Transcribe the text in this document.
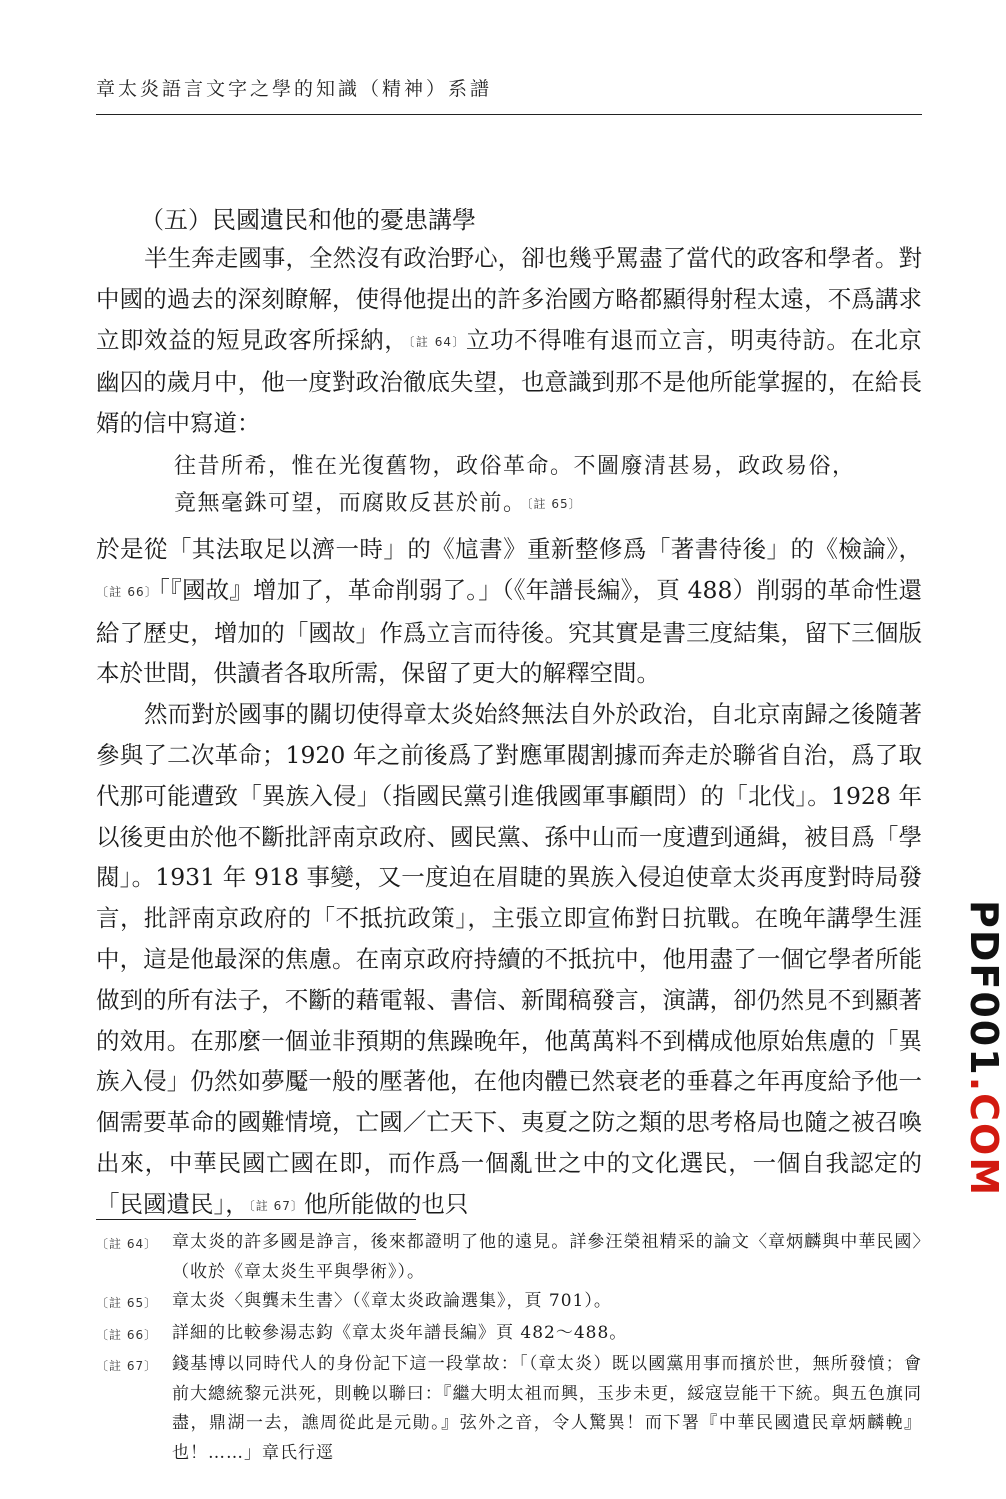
章太炎語言文字之學的知識（精神）系譜
（五）民國遺民和他的憂患講學

半生奔走國事，全然沒有政治野心，卻也幾乎罵盡了當代的政客和學者。對中國的過去的深刻瞭解，使得他提出的許多治國方略都顯得射程太遠，不爲講求立即效益的短見政客所採納，〔註 64〕立功不得唯有退而立言，明夷待訪。在北京幽囚的歲月中，他一度對政治徹底失望，也意識到那不是他所能掌握的，在給長婿的信中寫道：

往昔所希，惟在光復舊物，政俗革命。不圖廢清甚易，政政易俗，

竟無毫銖可望，而腐敗反甚於前。〔註 65〕

於是從「其法取足以濟一時」的《訄書》重新整修爲「著書待後」的《檢論》，〔註 66〕「『國故』增加了，革命削弱了。」（《年譜長編》，頁 488）削弱的革命性還給了歷史，增加的「國故」作爲立言而待後。究其實是書三度結集，留下三個版本於世間，供讀者各取所需，保留了更大的解釋空間。

然而對於國事的關切使得章太炎始終無法自外於政治，自北京南歸之後隨著參與了二次革命；1920 年之前後爲了對應軍閥割據而奔走於聯省自治，爲了取代那可能遭致「異族入侵」（指國民黨引進俄國軍事顧問）的「北伐」。1928 年以後更由於他不斷批評南京政府、國民黨、孫中山而一度遭到通緝，被目爲「學閥」。1931 年 918 事變，又一度迫在眉睫的異族入侵迫使章太炎再度對時局發言，批評南京政府的「不抵抗政策」，主張立即宣佈對日抗戰。在晚年講學生涯中，這是他最深的焦慮。在南京政府持續的不抵抗中，他用盡了一個它學者所能做到的所有法子，不斷的藉電報、書信、新聞稿發言，演講，卻仍然見不到顯著的效用。在那麼一個並非預期的焦躁晚年，他萬萬料不到構成他原始焦慮的「異族入侵」仍然如夢魘一般的壓著他，在他肉體已然衰老的垂暮之年再度給予他一個需要革命的國難情境，亡國／亡天下、夷夏之防之類的思考格局也隨之被召喚出來，中華民國亡國在即，而作爲一個亂世之中的文化選民，一個自我認定的「民國遺民」，〔註 67〕他所能做的也只

〔註 64〕 章太炎的許多國是諍言，後來都證明了他的遠見。詳參汪榮祖精采的論文〈章炳麟與中華民國〉（收於《章太炎生平與學術》）。
〔註 65〕 章太炎〈與龔未生書〉（《章太炎政論選集》，頁 701）。
〔註 66〕 詳細的比較參湯志鈞《章太炎年譜長編》頁 482～488。
〔註 67〕 錢基博以同時代人的身份記下這一段掌故：「（章太炎）既以國黨用事而擯於世，無所發憤；會前大總統黎元洪死，則輓以聯曰：『繼大明太祖而興，玉步未更，綏寇豈能干下統。與五色旗同盡，鼎湖一去，譙周從此是元勛。』弦外之音，令人驚異！而下署『中華民國遺民章炳麟輓』也！……」章氏行逕
PDF001.COM
